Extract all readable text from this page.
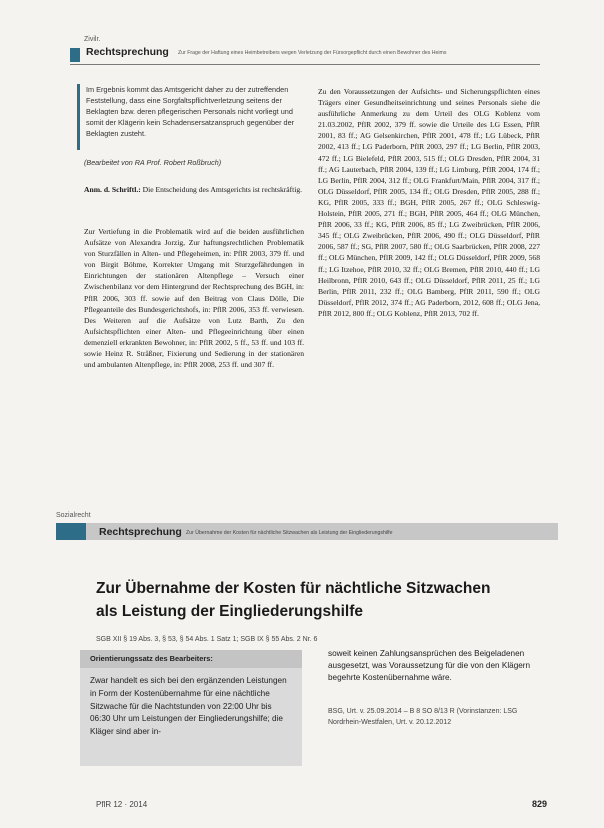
Zivilr.
Rechtsprechung Zur Frage der Haftung eines Heimbetreibers wegen Verletzung der Fürsorgepflicht durch einen Bewohner des Heims

Im Ergebnis kommt das Amtsgericht daher zu der zutreffenden Feststellung, dass eine Sorgfaltspflichtverletzung seitens der Beklagten bzw. deren pflegerischen Personals nicht vorliegt und somit der Klägerin kein Schadensersatzanspruch gegenüber der Beklagten zusteht.

(Bearbeitet von RA Prof. Robert Roßbruch)
Anm. d. Schriftl.: Die Entscheidung des Amtsgerichts ist rechtskräftig.
Zur Vertiefung in die Problematik wird auf die beiden ausführlichen Aufsätze von Alexandra Jorzig, Zur haftungsrechtlichen Problematik von Sturzfällen in Alten- und Pflegeheimen, in: PflR 2003, 379 ff. und von Birgit Böhme, Korrekter Umgang mit Sturzgefährdungen in Einrichtungen der stationären Altenpflege – Versuch einer Zwischenbilanz vor dem Hintergrund der Rechtsprechung des BGH, in: PflR 2006, 303 ff. sowie auf den Beitrag von Claus Dölle, Die Pflegeanteile des Bundesgerichtshofs, in: PflR 2006, 353 ff. verwiesen. Des Weiteren auf die Aufsätze von Lutz Barth, Zu den Aufsichtspflichten einer Alten- und Pflegeeinrichtung über einen demenziell erkrankten Bewohner, in: PflR 2002, 5 ff., 53 ff. und 103 ff. sowie Heinz R. Stråßner, Fixierung und Sedierung in der stationären und ambulanten Altenpflege, in: PflR 2008, 253 ff. und 307 ff.
Zu den Voraussetzungen der Aufsichts- und Sicherungspflichten eines Trägers einer Gesundheitseinrichtung und seines Personals siehe die ausführliche Anmerkung zu dem Urteil des OLG Koblenz vom 21.03.2002, PflR 2002, 379 ff. sowie die Urteile des LG Essen, PflR 2001, 83 ff.; AG Gelsenkirchen, PflR 2001, 478 ff.; LG Lübeck, PflR 2002, 413 ff.; LG Paderborn, PflR 2003, 297 ff.; LG Berlin, PflR 2003, 472 ff.; LG Bielefeld, PflR 2003, 515 ff.; OLG Dresden, PflR 2004, 31 ff.; AG Lauterbach, PflR 2004, 139 ff.; LG Limburg, PflR 2004, 174 ff.; LG Berlin, PflR 2004, 312 ff.; OLG Frankfurt/Main, PflR 2004, 317 ff.; OLG Düsseldorf, PflR 2005, 134 ff.; OLG Dresden, PflR 2005, 288 ff.; KG, PflR 2005, 333 ff.; BGH, PflR 2005, 267 ff.; OLG Schleswig-Holstein, PflR 2005, 271 ff.; BGH, PflR 2005, 464 ff.; OLG München, PflR 2006, 33 ff.; KG, PflR 2006, 85 ff.; LG Zweibrücken, PflR 2006, 345 ff.; OLG Zweibrücken, PflR 2006, 490 ff.; OLG Düsseldorf, PflR 2006, 587 ff.; SG, PflR 2007, 580 ff.; OLG Saarbrücken, PflR 2008, 227 ff.; OLG München, PflR 2009, 142 ff.; OLG Düsseldorf, PflR 2009, 568 ff.; LG Itzehoe, PflR 2010, 32 ff.; OLG Bremen, PflR 2010, 440 ff.; LG Heilbronn, PflR 2010, 643 ff.; OLG Düsseldorf, PflR 2011, 25 ff.; LG Berlin, PflR 2011, 232 ff.; OLG Bamberg, PflR 2011, 590 ff.; OLG Düsseldorf, PflR 2012, 374 ff.; AG Paderborn, 2012, 608 ff.; OLG Jena, PflR 2012, 800 ff.; OLG Koblenz, PflR 2013, 702 ff.
Sozialrecht
Rechtsprechung Zur Übernahme der Kosten für nächtliche Sitzwachen als Leistung der Eingliederungshilfe
Zur Übernahme der Kosten für nächtliche Sitzwachen
als Leistung der Eingliederungshilfe
SGB XII § 19 Abs. 3, § 53, § 54 Abs. 1 Satz 1; SGB IX § 55 Abs. 2 Nr. 6
Orientierungssatz des Bearbeiters:
Zwar handelt es sich bei den ergänzenden Leistungen in Form der Kostenübernahme für eine nächtliche Sitzwache für die Nachtstunden von 22:00 Uhr bis 06:30 Uhr um Leistungen der Eingliederungshilfe; die Kläger sind aber in-
soweit keinen Zahlungsansprüchen des Beigeladenen ausgesetzt, was Voraussetzung für die von den Klägern begehrte Kostenübernahme wäre.
BSG, Urt. v. 25.09.2014 – B 8 SO 8/13 R (Vorinstanzen: LSG Nordrhein-Westfalen, Urt. v. 20.12.2012
PflR 12 · 2014	829
